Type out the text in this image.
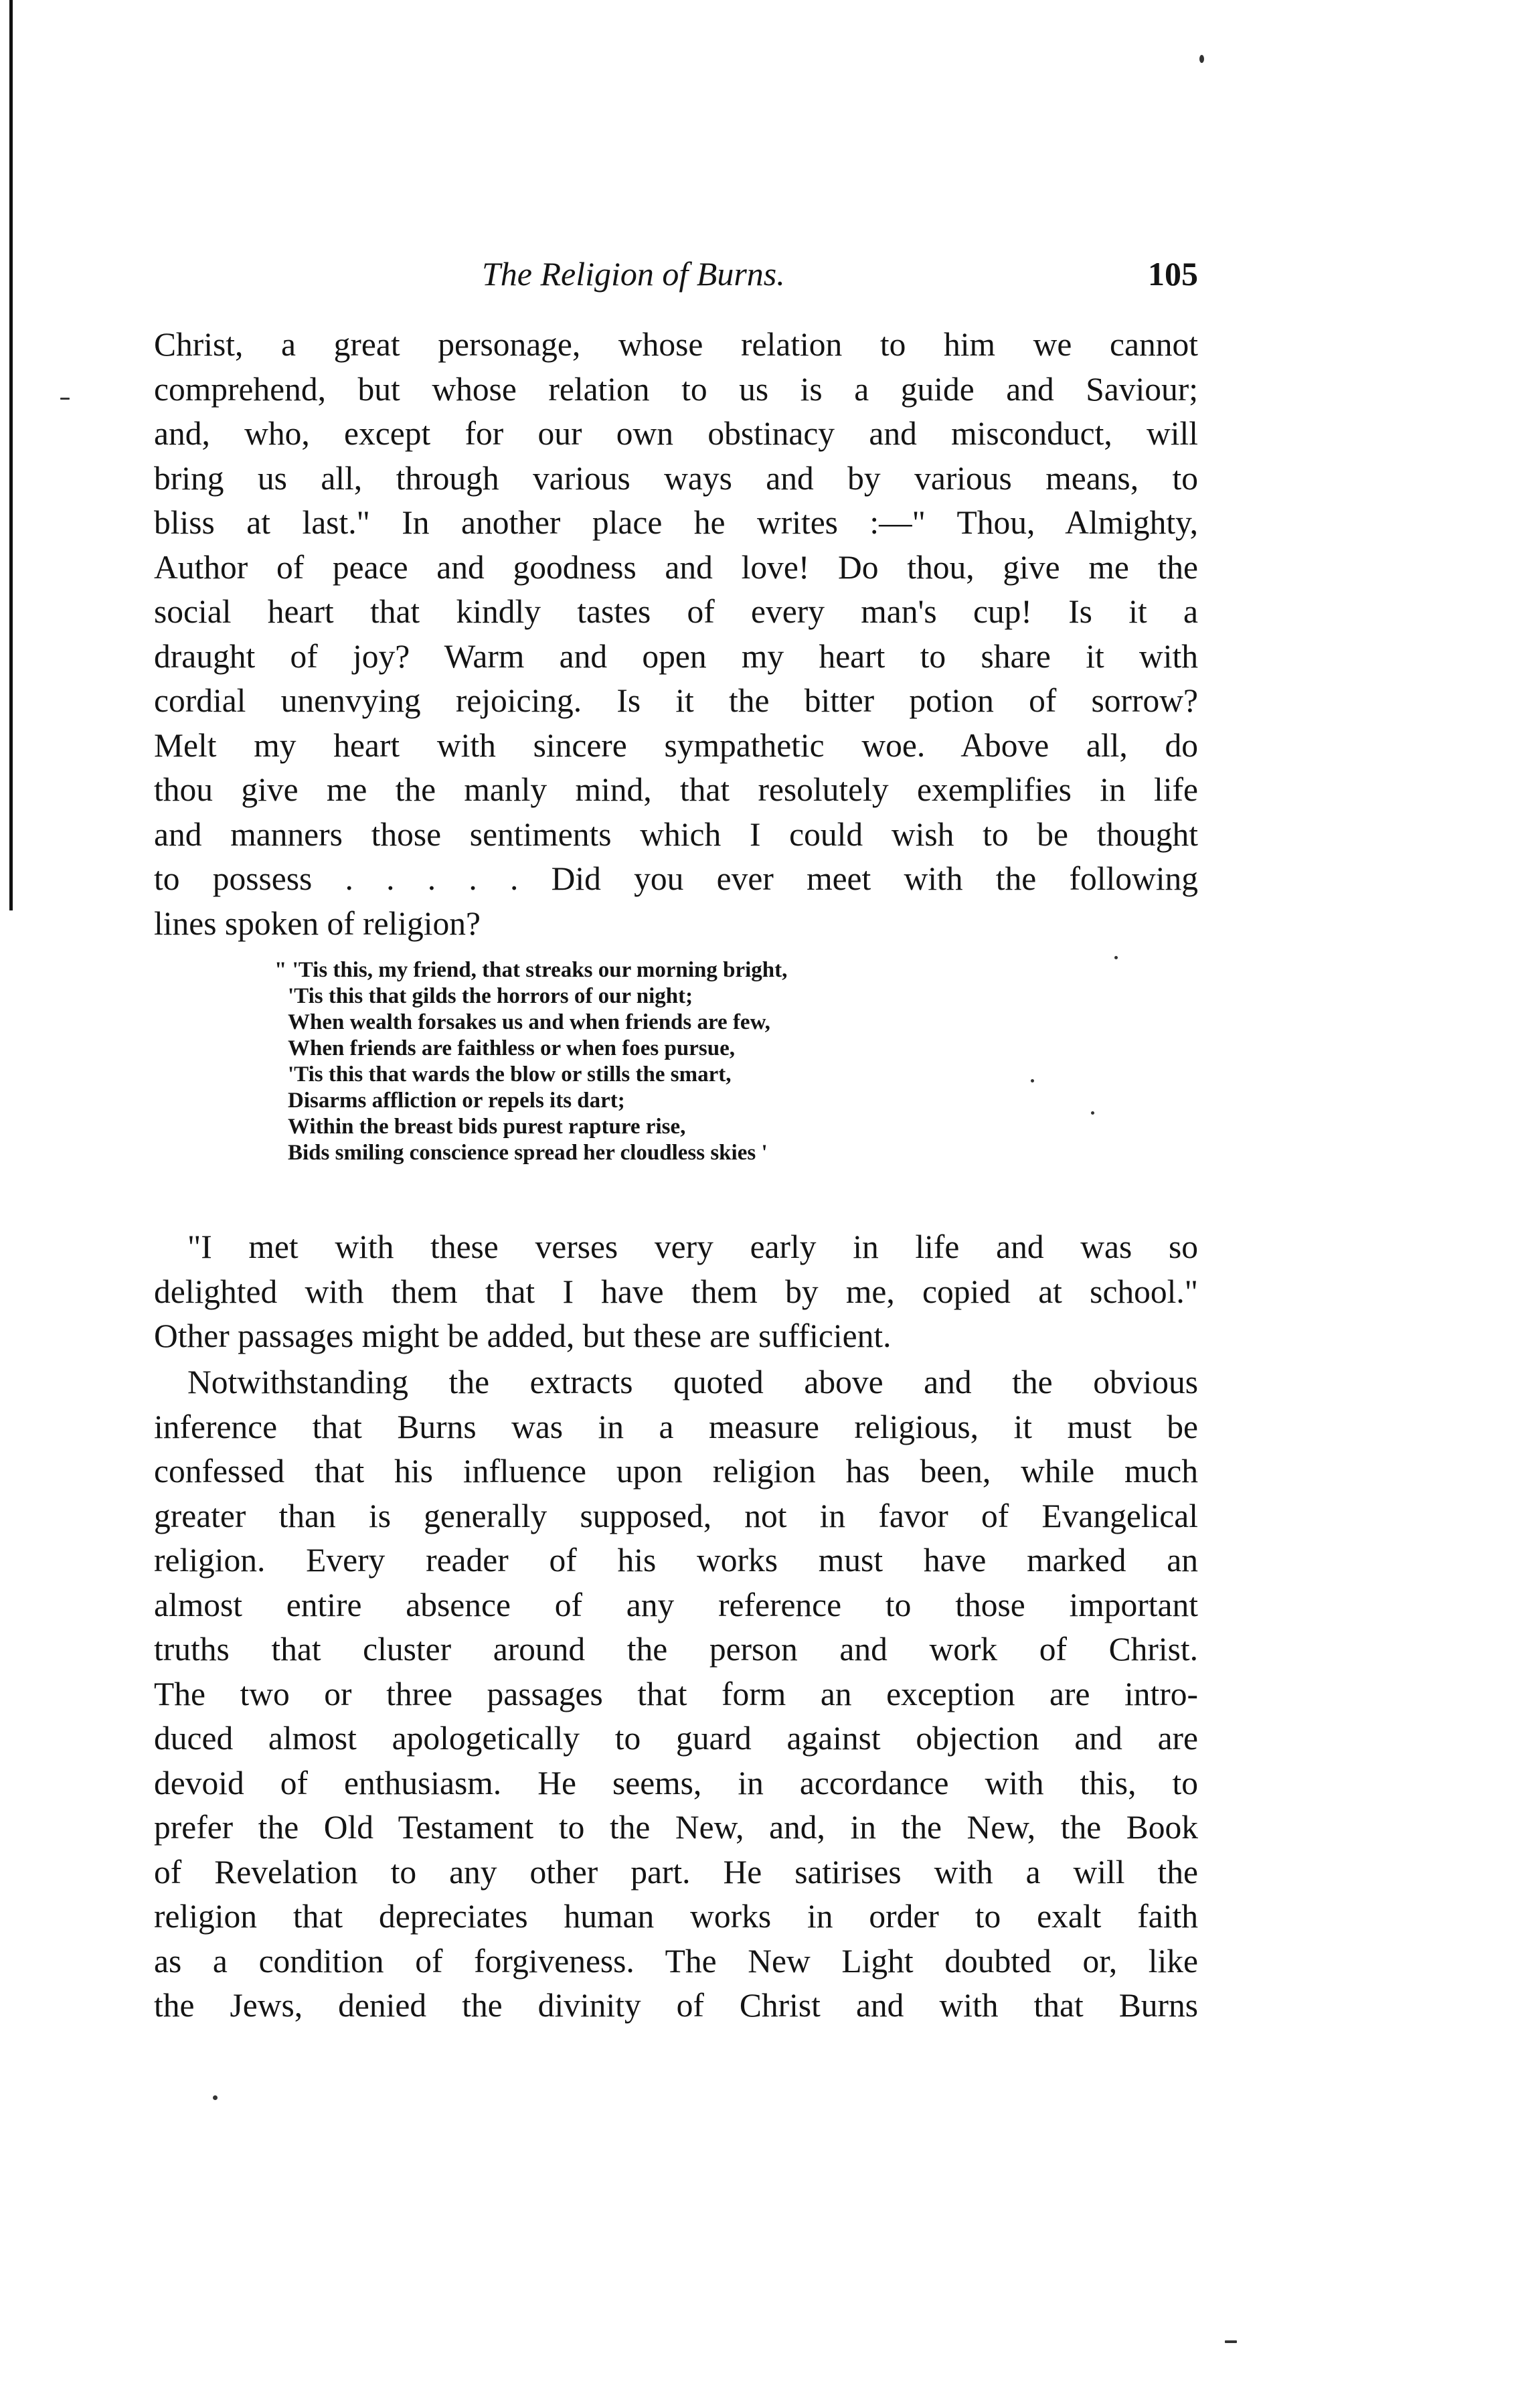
The Religion of Burns.	105
Christ, a great personage, whose relation to him we cannot
comprehend, but whose relation to us is a guide and Saviour;
and, who, except for our own obstinacy and misconduct, will
bring us all, through various ways and by various means, to
bliss at last." In another place he writes :—" Thou, Almighty,
Author of peace and goodness and love! Do thou, give me the
social heart that kindly tastes of every man's cup! Is it a
draught of joy? Warm and open my heart to share it with
cordial unenvying rejoicing. Is it the bitter potion of sorrow?
Melt my heart with sincere sympathetic woe. Above all, do
thou give me the manly mind, that resolutely exemplifies in life
and manners those sentiments which I could wish to be thought
to possess . . . . . Did you ever meet with the following
lines spoken of religion?
" 'Tis this, my friend, that streaks our morning bright,
'Tis this that gilds the horrors of our night;
When wealth forsakes us and when friends are few,
When friends are faithless or when foes pursue,
'Tis this that wards the blow or stills the smart,
Disarms affliction or repels its dart;
Within the breast bids purest rapture rise,
Bids smiling conscience spread her cloudless skies '
"I met with these verses very early in life and was so
delighted with them that I have them by me, copied at school."
Other passages might be added, but these are sufficient.
Notwithstanding the extracts quoted above and the obvious
inference that Burns was in a measure religious, it must be
confessed that his influence upon religion has been, while much
greater than is generally supposed, not in favor of Evangelical
religion. Every reader of his works must have marked an
almost entire absence of any reference to those important
truths that cluster around the person and work of Christ.
The two or three passages that form an exception are intro-
duced almost apologetically to guard against objection and are
devoid of enthusiasm. He seems, in accordance with this, to
prefer the Old Testament to the New, and, in the New, the Book
of Revelation to any other part. He satirises with a will the
religion that depreciates human works in order to exalt faith
as a condition of forgiveness. The New Light doubted or, like
the Jews, denied the divinity of Christ and with that Burns
